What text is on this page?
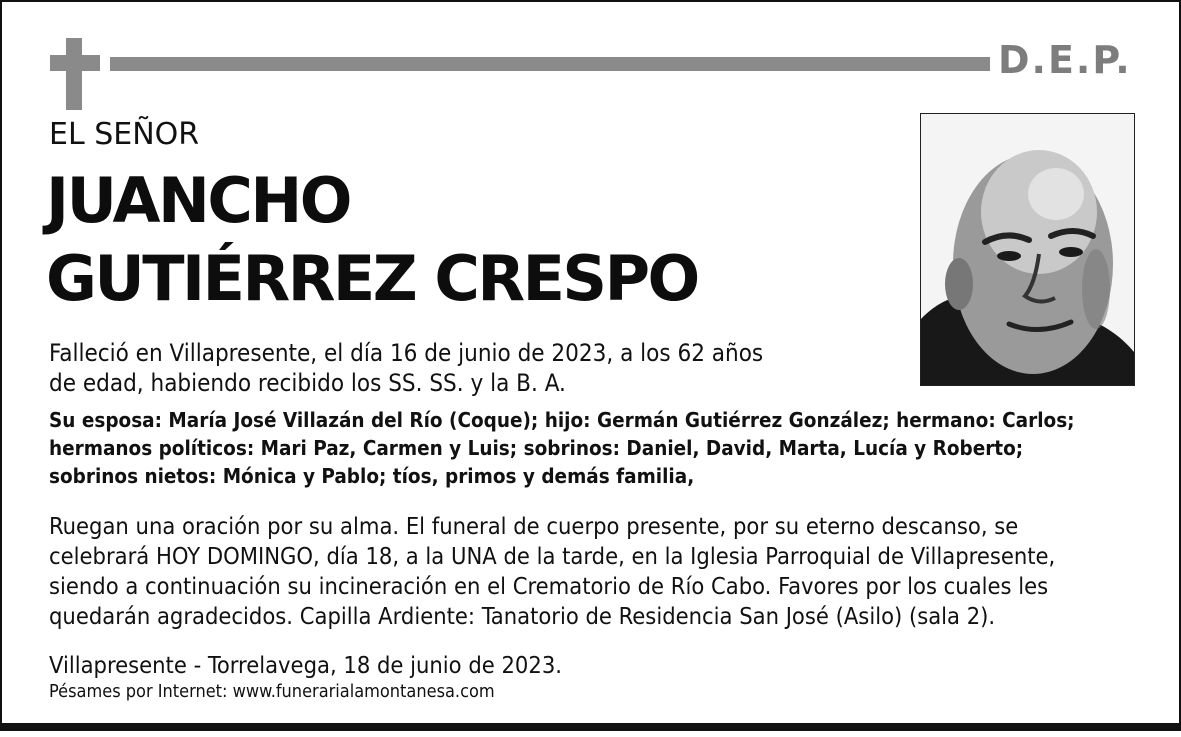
D.E.P.
EL SEÑOR
JUANCHO
GUTIÉRREZ CRESPO
Falleció en Villapresente, el día 16 de junio de 2023, a los 62 años
de edad, habiendo recibido los SS. SS. y la B. A.
Su esposa: María José Villazán del Río (Coque); hijo: Germán Gutiérrez González; hermano: Carlos;
hermanos políticos: Mari Paz, Carmen y Luis; sobrinos: Daniel, David, Marta, Lucía y Roberto;
sobrinos nietos: Mónica y Pablo; tíos, primos y demás familia,
Ruegan una oración por su alma. El funeral de cuerpo presente, por su eterno descanso, se
celebrará HOY DOMINGO, día 18, a la UNA de la tarde, en la Iglesia Parroquial de Villapresente,
siendo a continuación su incineración en el Crematorio de Río Cabo. Favores por los cuales les
quedarán agradecidos. Capilla Ardiente: Tanatorio de Residencia San José (Asilo) (sala 2).
Villapresente - Torrelavega, 18 de junio de 2023.
Pésames por Internet: www.funerarialamontanesa.com
